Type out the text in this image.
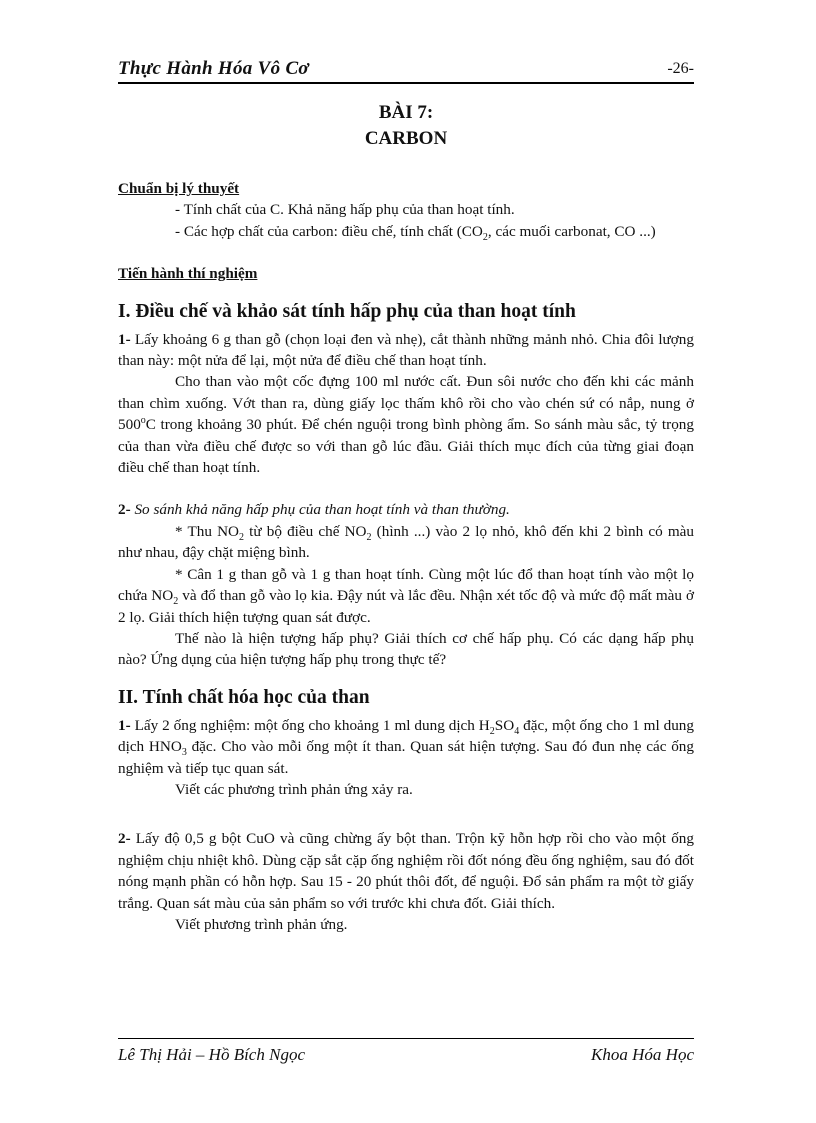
Thực Hành Hóa Vô Cơ	-26-
BÀI 7:
CARBON

Chuẩn bị lý thuyết

- Tính chất của C. Khả năng hấp phụ của than hoạt tính.

- Các hợp chất của carbon: điều chế, tính chất ($CO_2$, các muối carbonat, CO ...)

Tiến hành thí nghiệm

I. Điều chế và khảo sát tính hấp phụ của than hoạt tính

1- Lấy khoảng 6 g than gỗ (chọn loại đen và nhẹ), cắt thành những mảnh nhỏ. Chia đôi lượng than này: một nửa để lại, một nửa để điều chế than hoạt tính.

Cho than vào một cốc đựng 100 ml nước cất. Đun sôi nước cho đến khi các mảnh than chìm xuống. Vớt than ra, dùng giấy lọc thấm khô rồi cho vào chén sứ có nắp, nung ở 500$^o$C trong khoảng 30 phút. Để chén nguội trong bình phòng ẩm. So sánh màu sắc, tỷ trọng của than vừa điều chế được so với than gỗ lúc đầu. Giải thích mục đích của từng giai đoạn điều chế than hoạt tính.

2- So sánh khả năng hấp phụ của than hoạt tính và than thường.

* Thu $NO_2$ từ bộ điều chế $NO_2$ (hình ...) vào 2 lọ nhỏ, khô đến khi 2 bình có màu như nhau, đậy chặt miệng bình.

* Cân 1 g than gỗ và 1 g than hoạt tính. Cùng một lúc đổ than hoạt tính vào một lọ chứa $NO_2$ và đổ than gỗ vào lọ kia. Đậy nút và lắc đều. Nhận xét tốc độ và mức độ mất màu ở 2 lọ. Giải thích hiện tượng quan sát được.

Thế nào là hiện tượng hấp phụ? Giải thích cơ chế hấp phụ. Có các dạng hấp phụ nào? Ứng dụng của hiện tượng hấp phụ trong thực tế?

II. Tính chất hóa học của than

1- Lấy 2 ống nghiệm: một ống cho khoảng 1 ml dung dịch $H_2SO_4$ đặc, một ống cho 1 ml dung dịch $HNO_3$ đặc. Cho vào mỗi ống một ít than. Quan sát hiện tượng. Sau đó đun nhẹ các ống nghiệm và tiếp tục quan sát.

Viết các phương trình phản ứng xảy ra.

2- Lấy độ 0,5 g bột CuO và cũng chừng ấy bột than. Trộn kỹ hỗn hợp rồi cho vào một ống nghiệm chịu nhiệt khô. Dùng cặp sắt cặp ống nghiệm rồi đốt nóng đều ống nghiệm, sau đó đốt nóng mạnh phần có hỗn hợp. Sau 15 - 20 phút thôi đốt, để nguội. Đổ sản phẩm ra một tờ giấy trắng. Quan sát màu của sản phẩm so với trước khi chưa đốt. Giải thích.

Viết phương trình phản ứng.

Lê Thị Hải – Hồ Bích Ngọc	Khoa Hóa Học
